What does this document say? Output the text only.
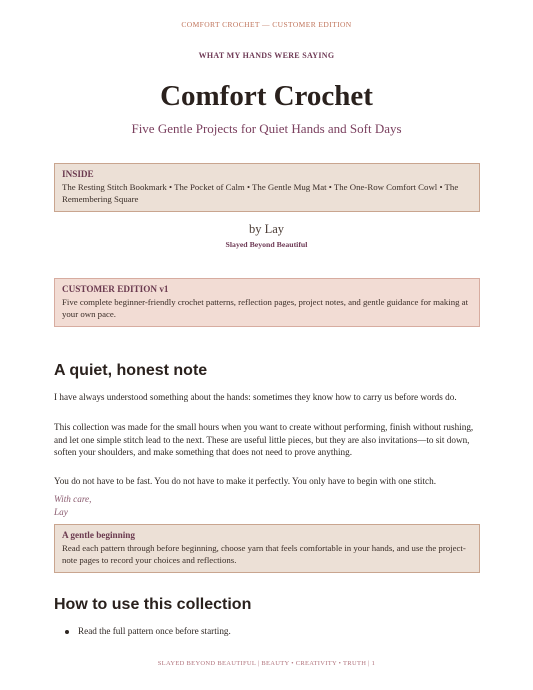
COMFORT CROCHET — CUSTOMER EDITION
WHAT MY HANDS WERE SAYING
Comfort Crochet
Five Gentle Projects for Quiet Hands and Soft Days
INSIDE
The Resting Stitch Bookmark • The Pocket of Calm • The Gentle Mug Mat • The One-Row Comfort Cowl • The Remembering Square
by Lay
Slayed Beyond Beautiful
CUSTOMER EDITION v1
Five complete beginner-friendly crochet patterns, reflection pages, project notes, and gentle guidance for making at your own pace.
A quiet, honest note

I have always understood something about the hands: sometimes they know how to carry us before words do.

This collection was made for the small hours when you want to create without performing, finish without rushing, and let one simple stitch lead to the next. These are useful little pieces, but they are also invitations—to sit down, soften your shoulders, and make something that does not need to prove anything.

You do not have to be fast. You do not have to make it perfectly. You only have to begin with one stitch.

With care,
Lay
A gentle beginning
Read each pattern through before beginning, choose yarn that feels comfortable in your hands, and use the project-note pages to record your choices and reflections.
How to use this collection
Read the full pattern once before starting.
SLAYED BEYOND BEAUTIFUL | BEAUTY • CREATIVITY • TRUTH | 1
